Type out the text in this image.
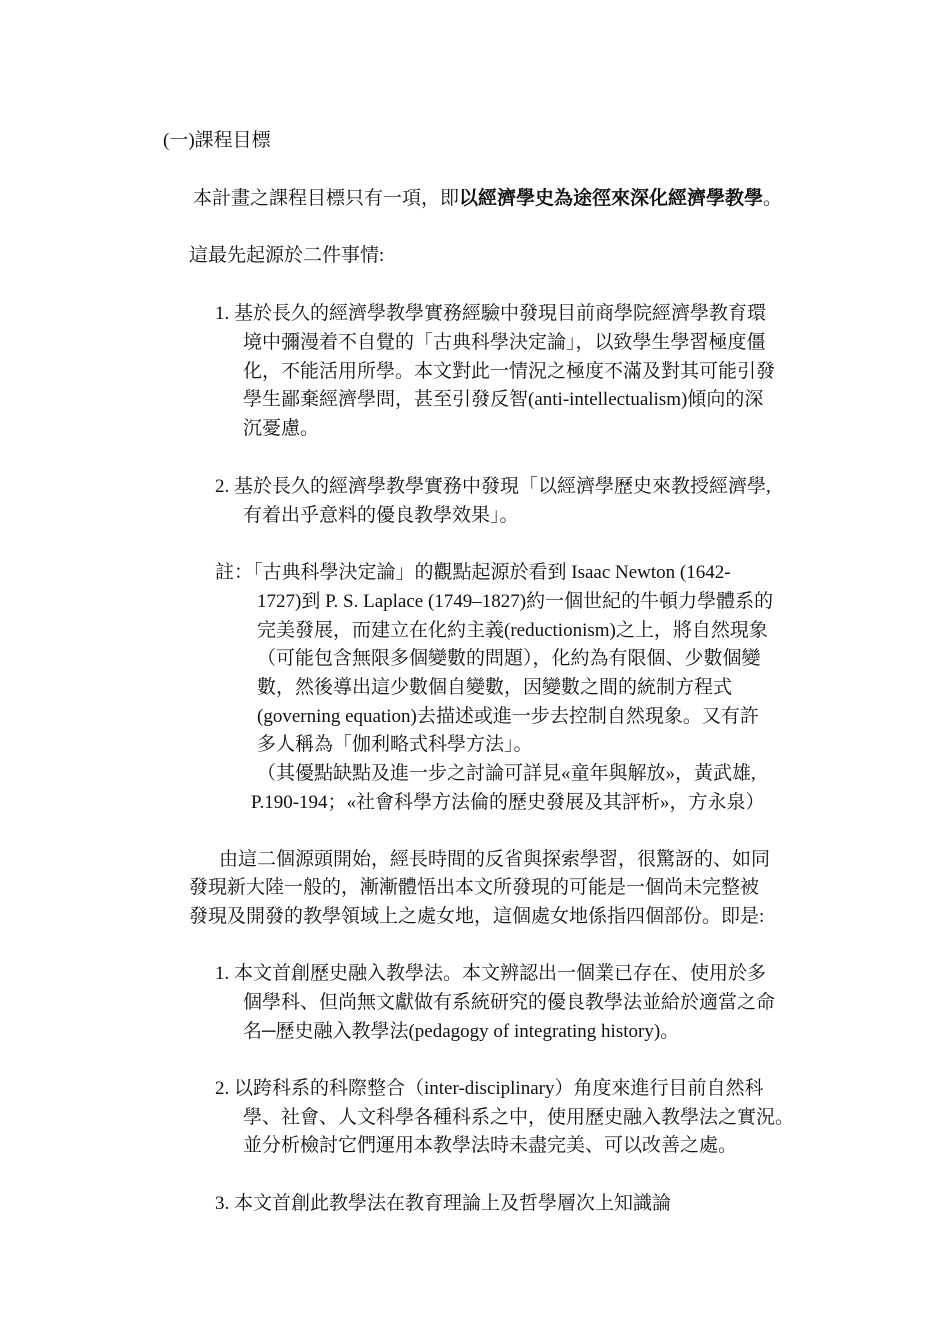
(一)課程目標
本計畫之課程目標只有一項，即以經濟學史為途徑來深化經濟學教學。
這最先起源於二件事情:
1. 基於長久的經濟學教學實務經驗中發現目前商學院經濟學教育環
境中彌漫着不自覺的「古典科學決定論」，以致學生學習極度僵
化，不能活用所學。本文對此一情況之極度不滿及對其可能引發
學生鄙棄經濟學問，甚至引發反智(anti-intellectualism)傾向的深
沉憂慮。
2. 基於長久的經濟學教學實務中發現「以經濟學歷史來教授經濟學,
有着出乎意料的優良教學效果」。
註：「古典科學決定論」的觀點起源於看到 Isaac Newton (1642-
1727)到 P. S. Laplace (1749–1827)約一個世紀的牛頓力學體系的
完美發展，而建立在化約主義(reductionism)之上，將自然現象
（可能包含無限多個變數的問題），化約為有限個、少數個變
數，然後導出這少數個自變數，因變數之間的統制方程式
(governing equation)去描述或進一步去控制自然現象。又有許
多人稱為「伽利略式科學方法」。
（其優點缺點及進一步之討論可詳見«童年與解放»，黃武雄,
P.190-194；«社會科學方法倫的歷史發展及其評析»，方永泉）
由這二個源頭開始，經長時間的反省與探索學習，很驚訝的、如同
發現新大陸一般的，漸漸體悟出本文所發現的可能是一個尚未完整被
發現及開發的教學領域上之處女地，這個處女地係指四個部份。即是:
1. 本文首創歷史融入教學法。本文辨認出一個業已存在、使用於多
個學科、但尚無文獻做有系統研究的優良教學法並給於適當之命
名─歷史融入教學法(pedagogy of integrating history)。
2. 以跨科系的科際整合（inter-disciplinary）角度來進行目前自然科
學、社會、人文科學各種科系之中，使用歷史融入教學法之實況。
並分析檢討它們運用本教學法時未盡完美、可以改善之處。
3. 本文首創此教學法在教育理論上及哲學層次上知識論
